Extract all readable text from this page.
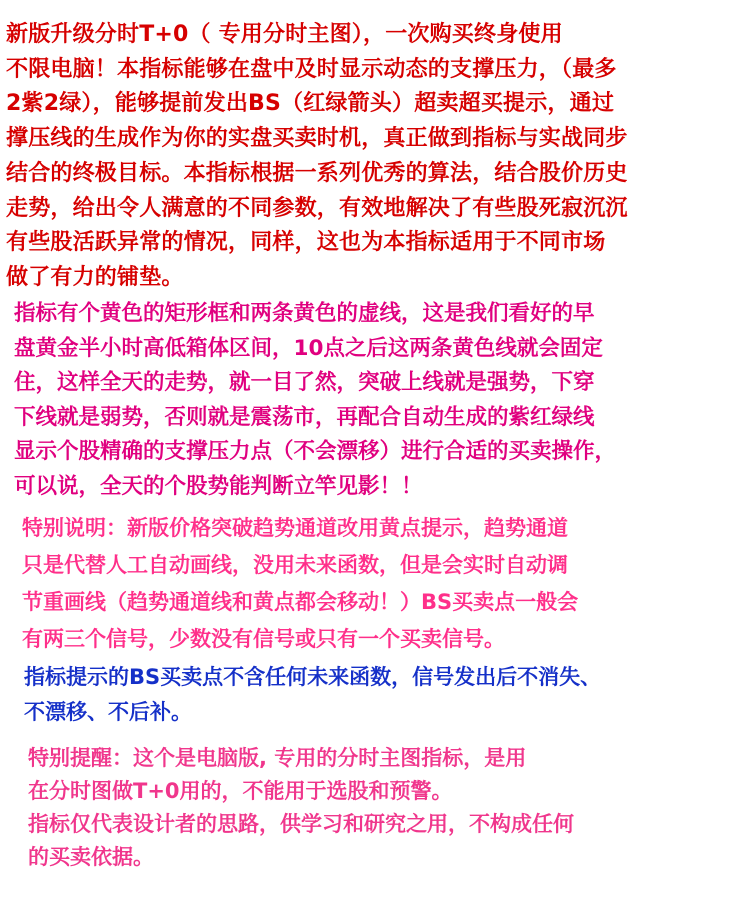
新版升级分时T+0（ 专用分时主图），一次购买终身使用
不限电脑！本指标能够在盘中及时显示动态的支撑压力，（最多
2紫2绿），能够提前发出BS（红绿箭头）超卖超买提示，通过
撑压线的生成作为你的实盘买卖时机，真正做到指标与实战同步
结合的终极目标。本指标根据一系列优秀的算法，结合股价历史
走势，给出令人满意的不同参数，有效地解决了有些股死寂沉沉
有些股活跃异常的情况，同样，这也为本指标适用于不同市场
做了有力的铺垫。
指标有个黄色的矩形框和两条黄色的虚线，这是我们看好的早
盘黄金半小时高低箱体区间，10点之后这两条黄色线就会固定
住，这样全天的走势，就一目了然，突破上线就是强势，下穿
下线就是弱势，否则就是震荡市，再配合自动生成的紫红绿线
显示个股精确的支撑压力点（不会漂移）进行合适的买卖操作，
可以说，全天的个股势能判断立竿见影！！
特别说明：新版价格突破趋势通道改用黄点提示，趋势通道
只是代替人工自动画线，没用未来函数，但是会实时自动调
节重画线（趋势通道线和黄点都会移动！）BS买卖点一般会
有两三个信号，少数没有信号或只有一个买卖信号。
指标提示的BS买卖点不含任何未来函数，信号发出后不消失、
不漂移、不后补。
特别提醒：这个是电脑版, 专用的分时主图指标，是用
在分时图做T+0用的，不能用于选股和预警。
指标仅代表设计者的思路，供学习和研究之用，不构成任何
的买卖依据。
